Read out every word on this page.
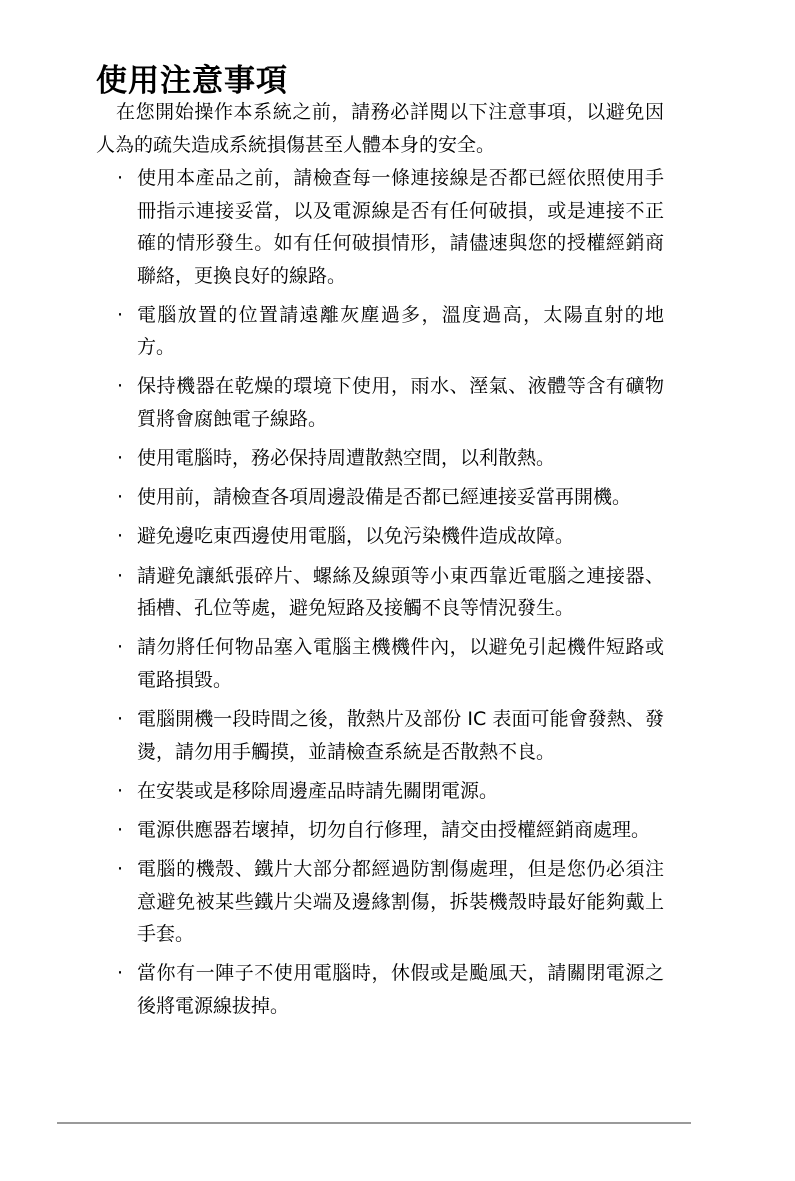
使用注意事項

在您開始操作本系統之前，請務必詳閱以下注意事項，以避免因人為的疏失造成系統損傷甚至人體本身的安全。

· 使用本產品之前，請檢查每一條連接線是否都已經依照使用手冊指示連接妥當，以及電源線是否有任何破損，或是連接不正確的情形發生。如有任何破損情形，請儘速與您的授權經銷商聯絡，更換良好的線路。
· 電腦放置的位置請遠離灰塵過多，溫度過高，太陽直射的地方。
· 保持機器在乾燥的環境下使用，雨水、溼氣、液體等含有礦物質將會腐蝕電子線路。
· 使用電腦時，務必保持周遭散熱空間，以利散熱。
· 使用前，請檢查各項周邊設備是否都已經連接妥當再開機。
· 避免邊吃東西邊使用電腦，以免污染機件造成故障。
· 請避免讓紙張碎片、螺絲及線頭等小東西靠近電腦之連接器、插槽、孔位等處，避免短路及接觸不良等情況發生。
· 請勿將任何物品塞入電腦主機機件內，以避免引起機件短路或電路損毀。
· 電腦開機一段時間之後，散熱片及部份 IC 表面可能會發熱、發燙，請勿用手觸摸，並請檢查系統是否散熱不良。
· 在安裝或是移除周邊產品時請先關閉電源。
· 電源供應器若壞掉，切勿自行修理，請交由授權經銷商處理。
· 電腦的機殼、鐵片大部分都經過防割傷處理，但是您仍必須注意避免被某些鐵片尖端及邊緣割傷，拆裝機殼時最好能夠戴上手套。
· 當你有一陣子不使用電腦時，休假或是颱風天，請關閉電源之後將電源線拔掉。
